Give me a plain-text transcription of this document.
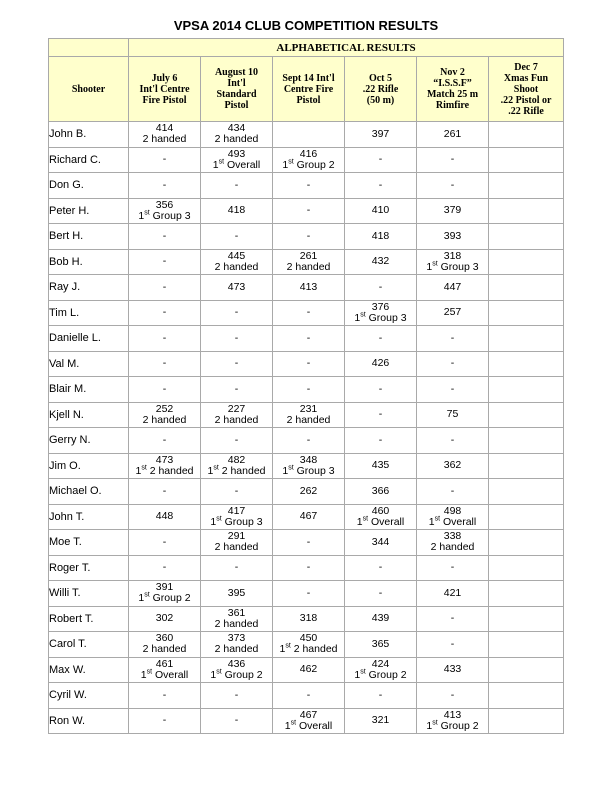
VPSA 2014 CLUB COMPETITION RESULTS
	ALPHABETICAL RESULTS					

Shooter	July 6
Int'l Centre
Fire Pistol	August 10
Int'l
Standard
Pistol	Sept 14 Int'l
Centre Fire
Pistol	Oct 5
.22 Rifle
(50 m)	Nov 2
“I.S.S.F”
Match 25 m
Rimfire	Dec 7
Xmas Fun
Shoot
.22 Pistol or
.22 Rifle

John B.	414
2 handed	434
2 handed		397	261	

Richard C.	-	493
1st Overall	416
1st Group 2	-	-	

Don G.	-	-	-	-	-	

Peter H.	356
1st Group 3	418	-	410	379	

Bert H.	-	-	-	418	393	

Bob H.	-	445
2 handed	261
2 handed	432	318
1st Group 3	

Ray J.	-	473	413	-	447	

Tim L.	-	-	-	376
1st Group 3	257	

Danielle L.	-	-	-	-	-	

Val M.	-	-	-	426	-	

Blair M.	-	-	-	-	-	

Kjell N.	252
2 handed	227
2 handed	231
2 handed	-	75	

Gerry N.	-	-	-	-	-	

Jim O.	473
1st 2 handed	482
1st 2 handed	348
1st Group 3	435	362	

Michael O.	-	-	262	366	-	

John T.	448	417
1st Group 3	467	460
1st Overall	498
1st Overall	

Moe T.	-	291
2 handed	-	344	338
2 handed	

Roger T.	-	-	-	-	-	

Willi T.	391
1st Group 2	395	-	-	421	

Robert T.	302	361
2 handed	318	439	-	

Carol T.	360
2 handed	373
2 handed	450
1st 2 handed	365	-	

Max W.	461
1st Overall	436
1st Group 2	462	424
1st Group 2	433	

Cyril W.	-	-	-	-	-	

Ron W.	-	-	467
1st Overall	321	413
1st Group 2	
